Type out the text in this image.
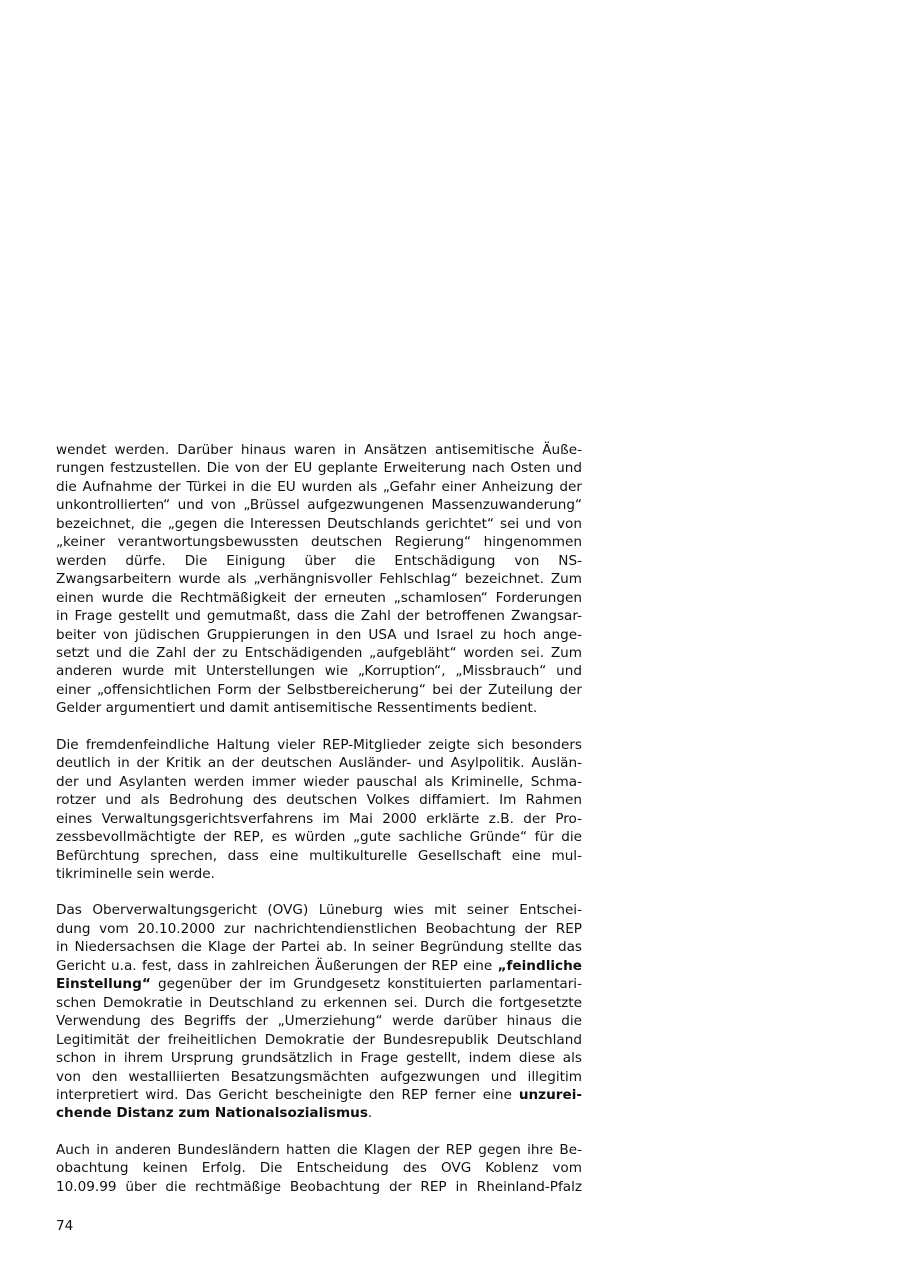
wendet werden. Darüber hinaus waren in Ansätzen antisemitische Äuße-
rungen festzustellen. Die von der EU geplante Erweiterung nach Osten und
die Aufnahme der Türkei in die EU wurden als „Gefahr einer Anheizung der
unkontrollierten“ und von „Brüssel aufgezwungenen Massenzuwanderung“
bezeichnet, die „gegen die Interessen Deutschlands gerichtet“ sei und von
„keiner verantwortungsbewussten deutschen Regierung“ hingenommen
werden dürfe. Die Einigung über die Entschädigung von NS-
Zwangsarbeitern wurde als „verhängnisvoller Fehlschlag“ bezeichnet. Zum
einen wurde die Rechtmäßigkeit der erneuten „schamlosen“ Forderungen
in Frage gestellt und gemutmaßt, dass die Zahl der betroffenen Zwangsar-
beiter von jüdischen Gruppierungen in den USA und Israel zu hoch ange-
setzt und die Zahl der zu Entschädigenden „aufgebläht“ worden sei. Zum
anderen wurde mit Unterstellungen wie „Korruption“, „Missbrauch“ und
einer „offensichtlichen Form der Selbstbereicherung“ bei der Zuteilung der
Gelder argumentiert und damit antisemitische Ressentiments bedient.

Die fremdenfeindliche Haltung vieler REP-Mitglieder zeigte sich besonders
deutlich in der Kritik an der deutschen Ausländer- und Asylpolitik. Auslän-
der und Asylanten werden immer wieder pauschal als Kriminelle, Schma-
rotzer und als Bedrohung des deutschen Volkes diffamiert. Im Rahmen
eines Verwaltungsgerichtsverfahrens im Mai 2000 erklärte z.B. der Pro-
zessbevollmächtigte der REP, es würden „gute sachliche Gründe“ für die
Befürchtung sprechen, dass eine multikulturelle Gesellschaft eine mul-
tikriminelle sein werde.

Das Oberverwaltungsgericht (OVG) Lüneburg wies mit seiner Entschei-
dung vom 20.10.2000 zur nachrichtendienstlichen Beobachtung der REP
in Niedersachsen die Klage der Partei ab. In seiner Begründung stellte das
Gericht u.a. fest, dass in zahlreichen Äußerungen der REP eine „feindliche
Einstellung“ gegenüber der im Grundgesetz konstituierten parlamentari-
schen Demokratie in Deutschland zu erkennen sei. Durch die fortgesetzte
Verwendung des Begriffs der „Umerziehung“ werde darüber hinaus die
Legitimität der freiheitlichen Demokratie der Bundesrepublik Deutschland
schon in ihrem Ursprung grundsätzlich in Frage gestellt, indem diese als
von den westalliierten Besatzungsmächten aufgezwungen und illegitim
interpretiert wird. Das Gericht bescheinigte den REP ferner eine unzurei-
chende Distanz zum Nationalsozialismus.

Auch in anderen Bundesländern hatten die Klagen der REP gegen ihre Be-
obachtung keinen Erfolg. Die Entscheidung des OVG Koblenz vom
10.09.99 über die rechtmäßige Beobachtung der REP in Rheinland-Pfalz

74
